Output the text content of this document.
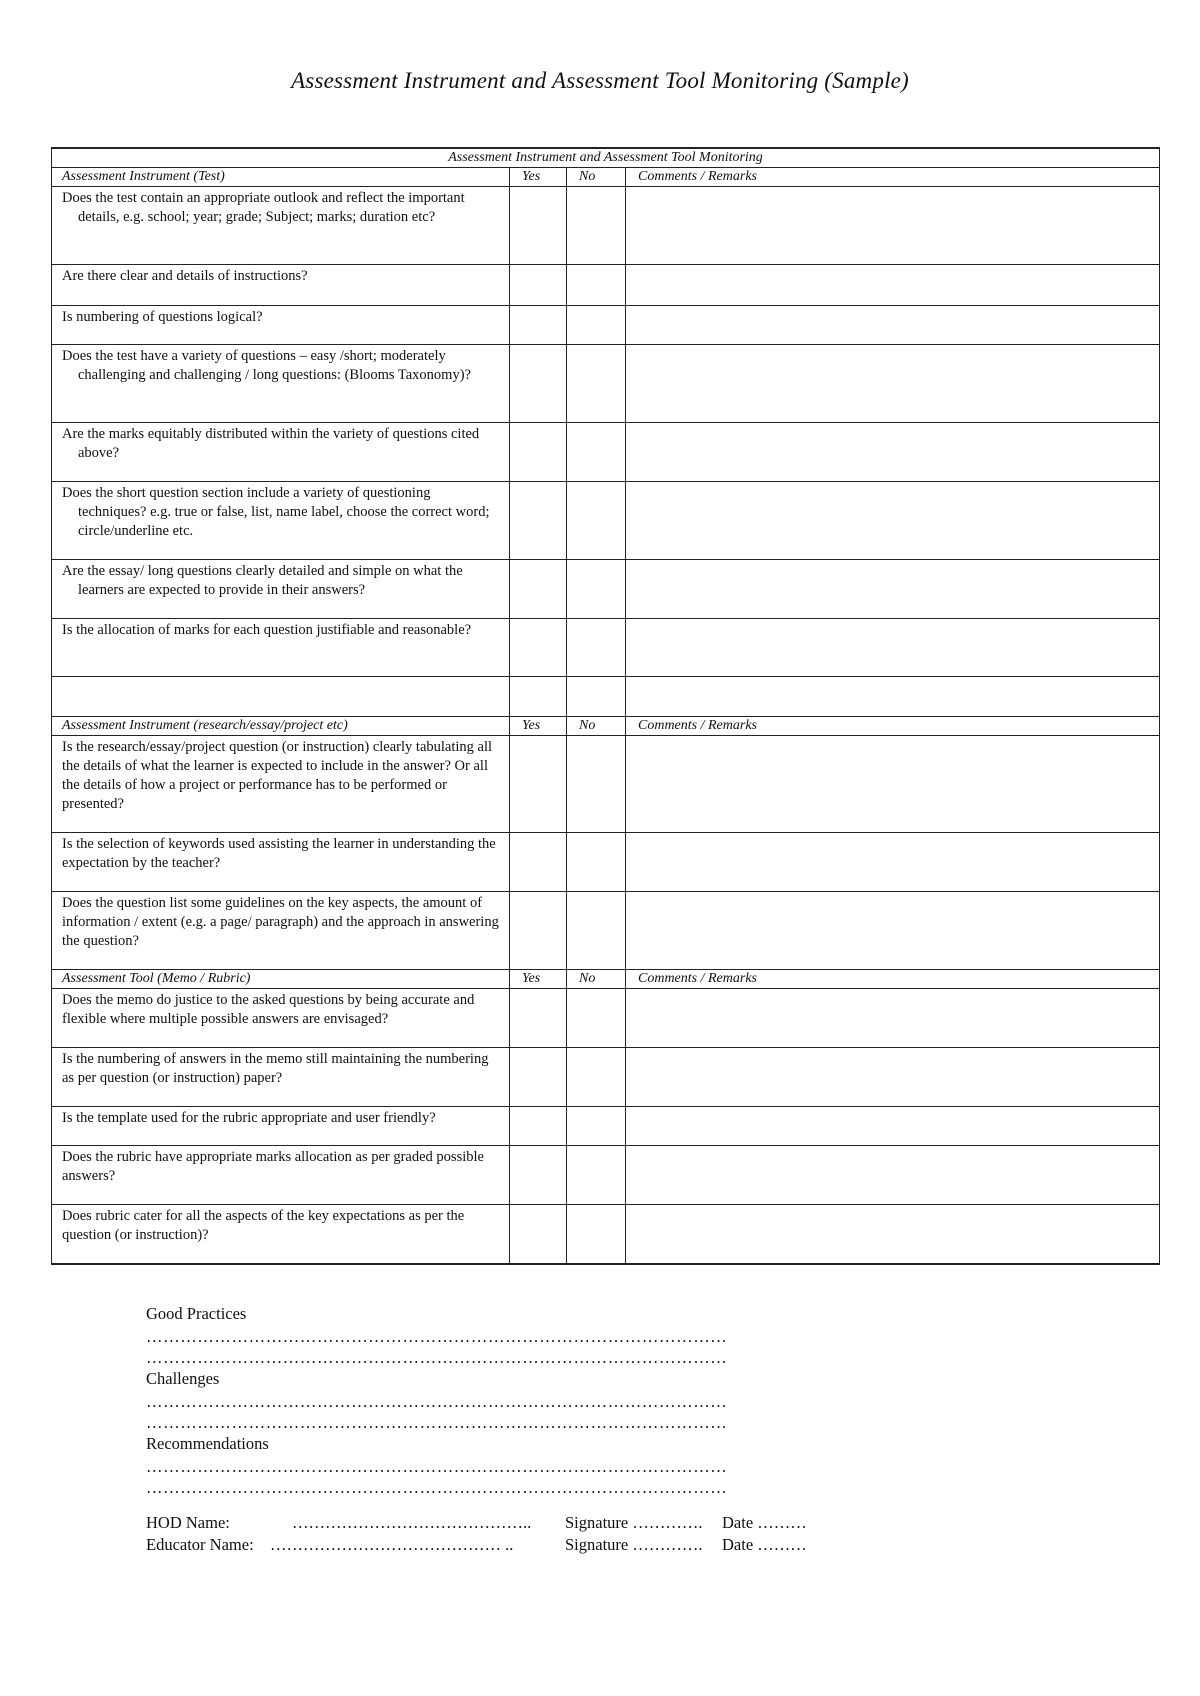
Assessment Instrument and Assessment Tool Monitoring (Sample)
Assessment Instrument and Assessment Tool Monitoring			
Assessment Instrument (Test)	Yes	No	Comments / Remarks

Does the test contain an appropriate outlook and reflect the important details, e.g. school; year; grade; Subject; marks; duration etc?			

Are there clear and details of instructions?			

Is numbering of questions logical?			

Does the test have a variety of questions – easy /short; moderately challenging and challenging / long questions: (Blooms Taxonomy)?			

Are the marks equitably distributed within the variety of questions cited above?			

Does the short question section include a variety of questioning techniques? e.g. true or false, list, name label, choose the correct word; circle/underline etc.			

Are the essay/ long questions clearly detailed and simple on what the learners are expected to provide in their answers?			

Is the allocation of marks for each question justifiable and reasonable?			

Assessment Instrument (research/essay/project etc)	Yes	No	Comments / Remarks

Is the research/essay/project question (or instruction) clearly tabulating all the details of what the learner is expected to include in the answer? Or all the details of how a project or performance has to be performed or presented?			

Is the selection of keywords used assisting the learner in understanding the expectation by the teacher?			

Does the question list some guidelines on the key aspects, the amount of information / extent (e.g. a page/ paragraph) and the approach in answering the question?			

Assessment Tool (Memo / Rubric)	Yes	No	Comments / Remarks

Does the memo do justice to the asked questions by being accurate and flexible where multiple possible answers are envisaged?			

Is the numbering of answers in the memo still maintaining the numbering as per question (or instruction) paper?			

Is the template used for the rubric appropriate and user friendly?			

Does the rubric have appropriate marks allocation as per graded possible answers?			

Does rubric cater for all the aspects of the key expectations as per the question (or instruction)?			

Good Practices
…………………………………………………………………………………………
…………………………………………………………………………………………
Challenges
…………………………………………………………………………………………
…………………………………………………………………………………………
Recommendations
…………………………………………………………………………………………
…………………………………………………………………………………………
HOD Name:	…………………………………….. Signature …………. Date ………
Educator Name: …………………………………… ..	Signature …………. Date ………
